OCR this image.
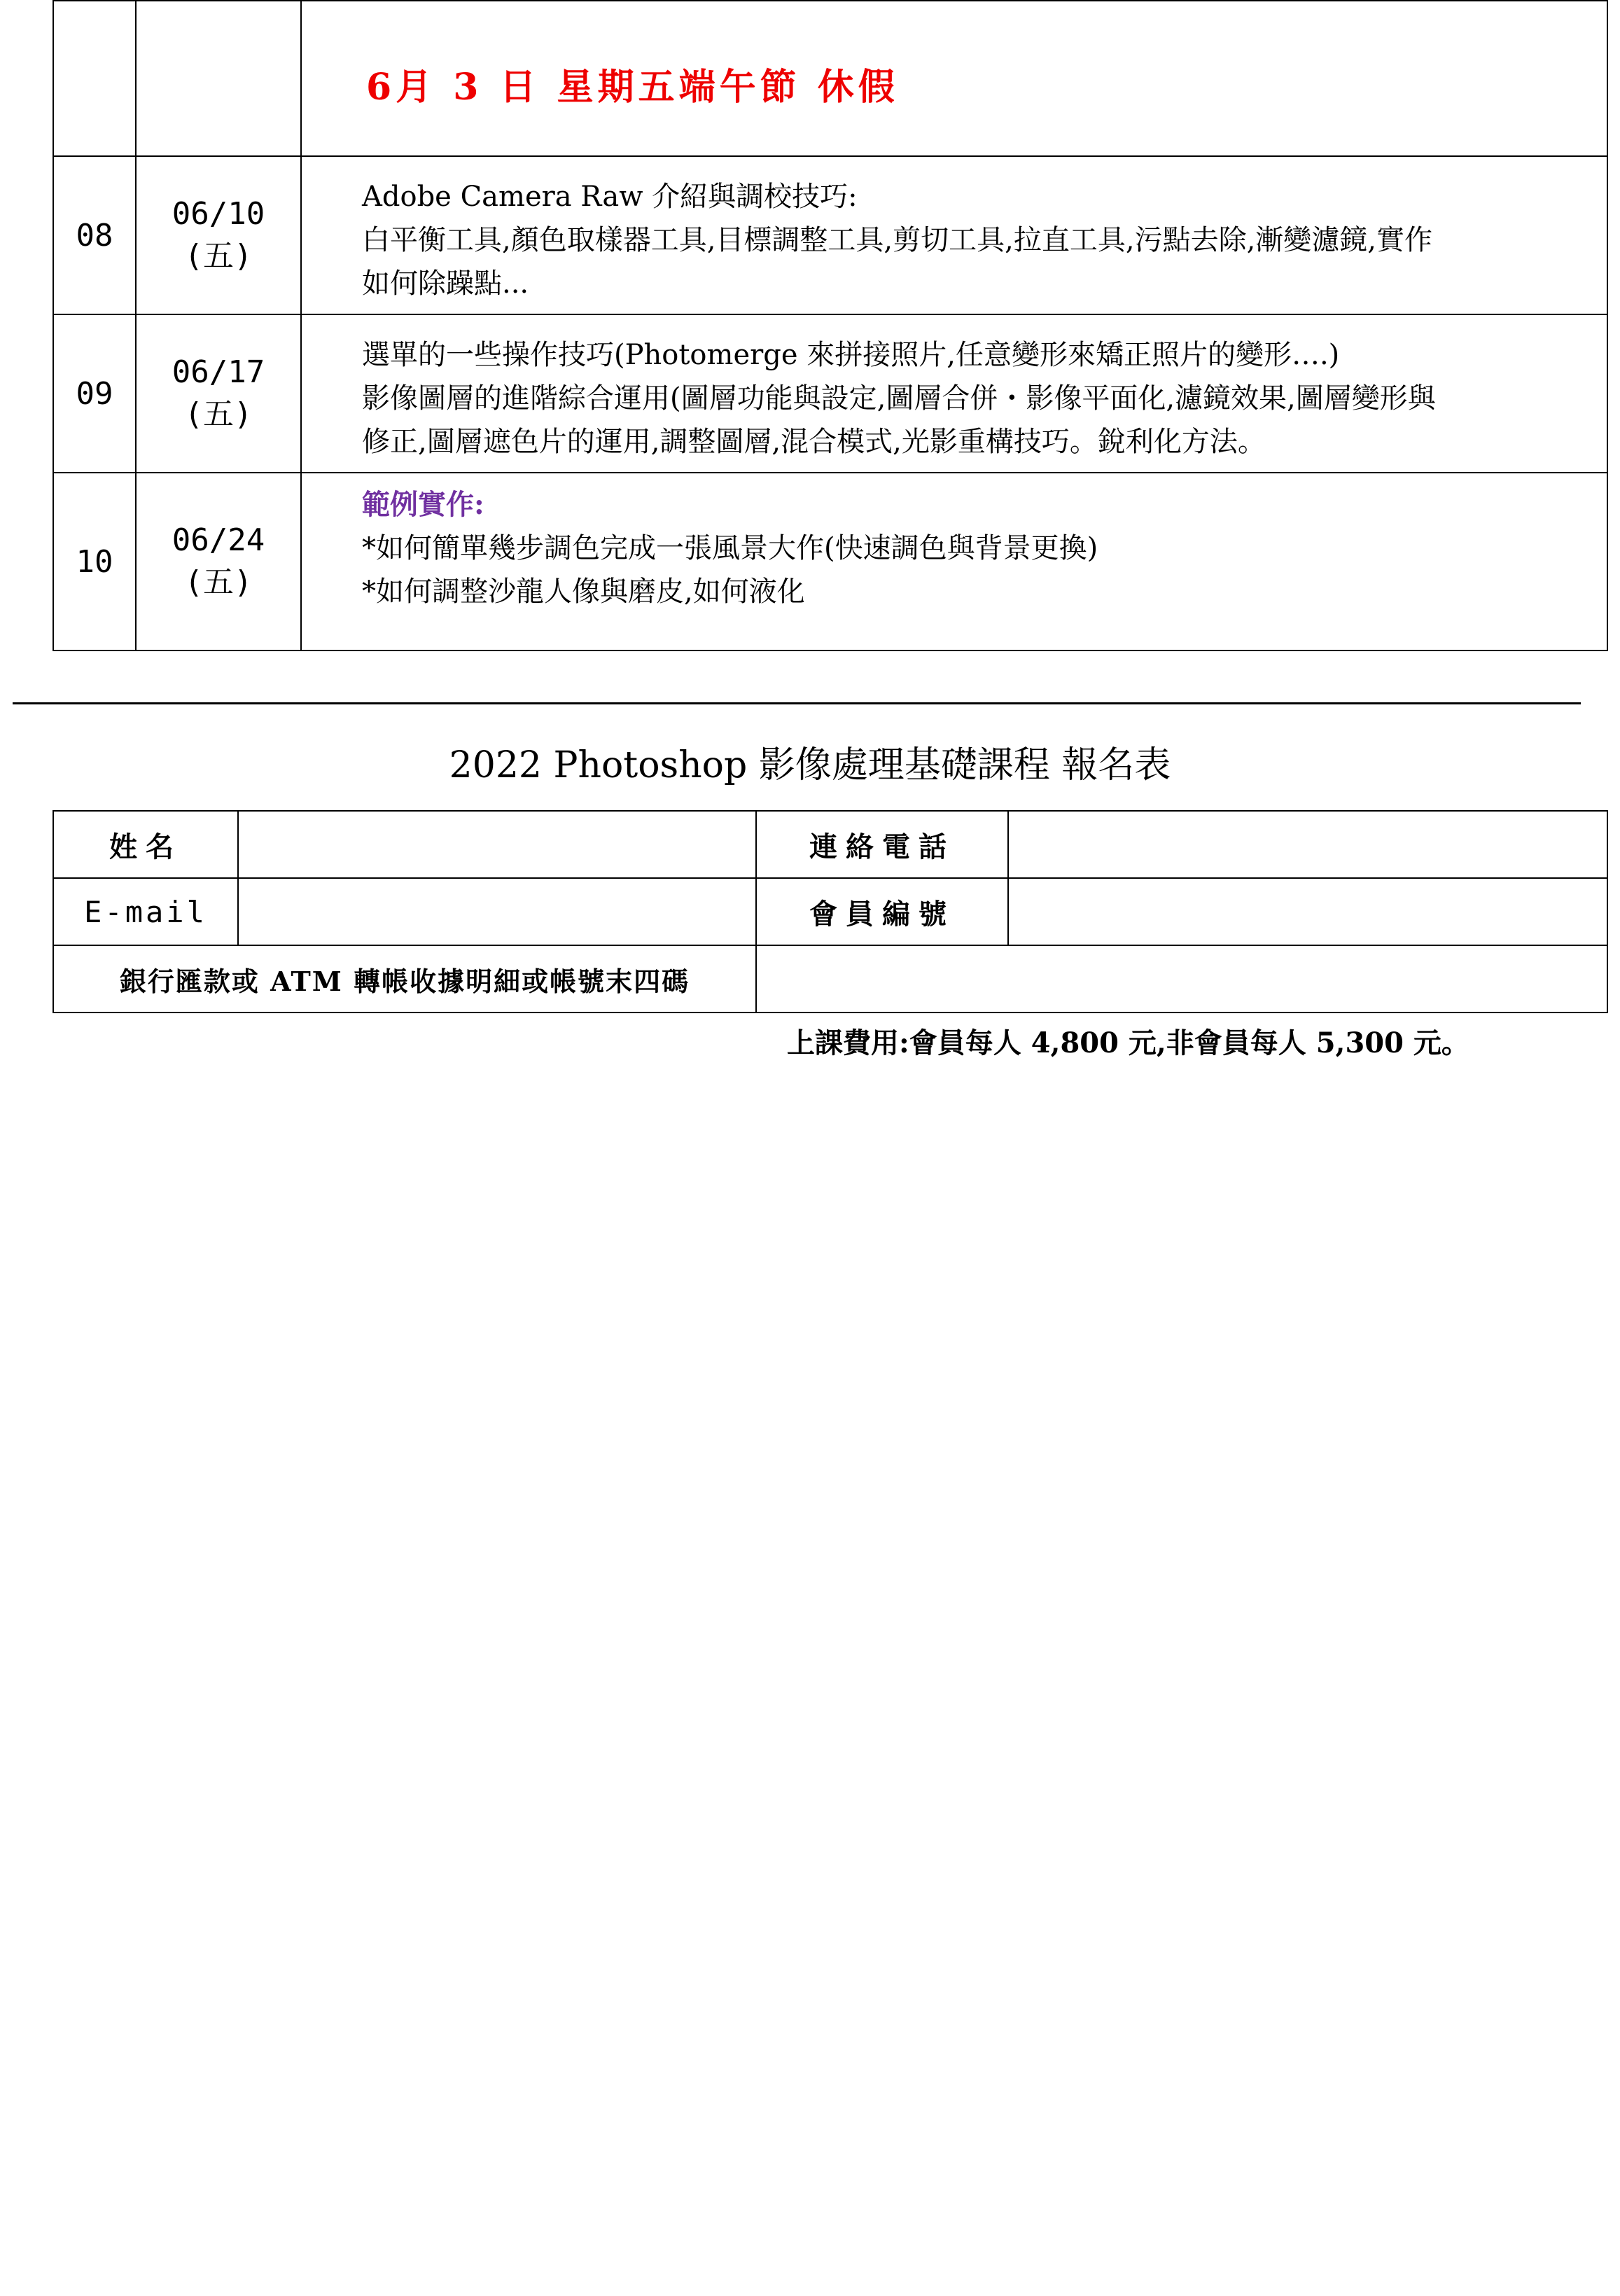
6月 3 日 星期五端午節 休假
08
06/10
(五)
Adobe Camera Raw 介紹與調校技巧:
白平衡工具,顏色取樣器工具,目標調整工具,剪切工具,拉直工具,污點去除,漸變濾鏡,實作
如何除躁點...
09
06/17
(五)
選單的一些操作技巧(Photomerge 來拼接照片,任意變形來矯正照片的變形….)
影像圖層的進階綜合運用(圖層功能與設定,圖層合併・影像平面化,濾鏡效果,圖層變形與
修正,圖層遮色片的運用,調整圖層,混合模式,光影重構技巧。銳利化方法。
10
06/24
(五)
範例實作:
*如何簡單幾步調色完成一張風景大作(快速調色與背景更換)
*如何調整沙龍人像與磨皮,如何液化
2022 Photoshop 影像處理基礎課程 報名表
姓名	連絡電話
E-mail	會員編號
銀行匯款或 ATM 轉帳收據明細或帳號末四碼
上課費用:會員每人 4,800 元,非會員每人 5,300 元。
